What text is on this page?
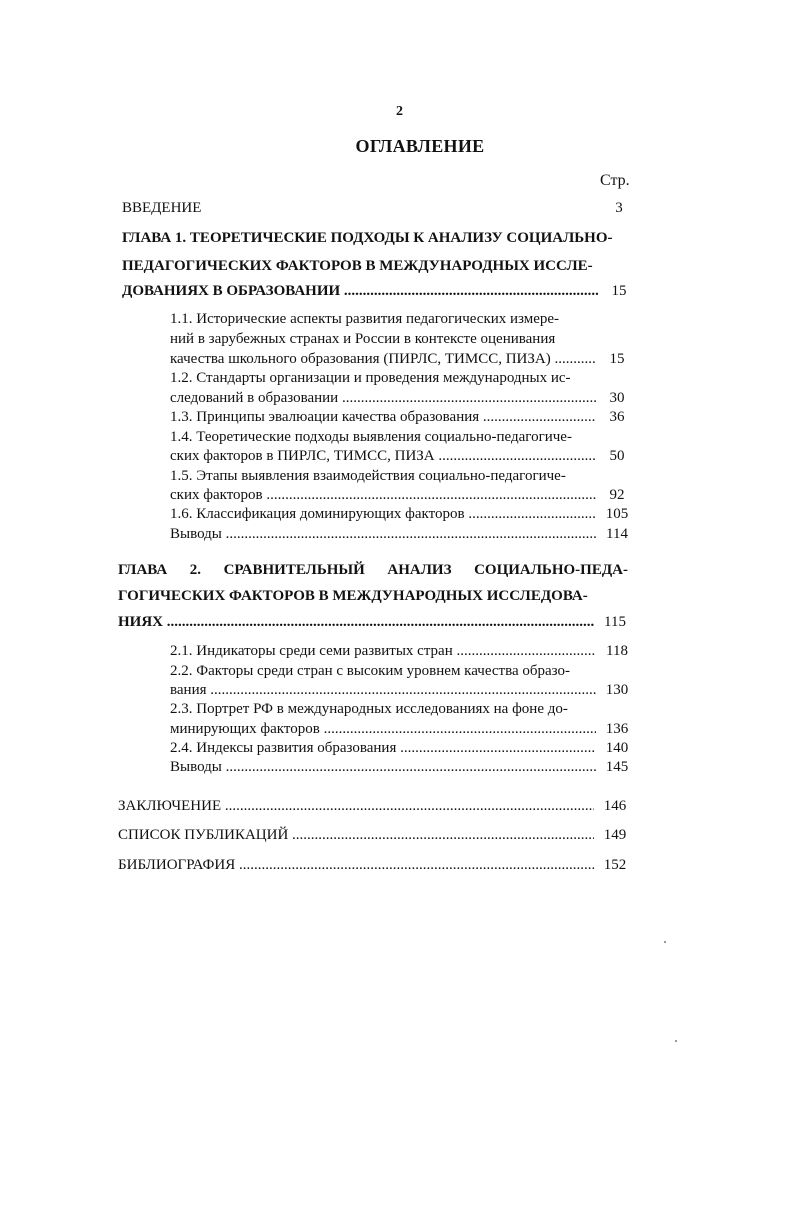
2
ОГЛАВЛЕНИЕ
Стр.
ВВЕДЕНИЕ	3
ГЛАВА 1. ТЕОРЕТИЧЕСКИЕ ПОДХОДЫ К АНАЛИЗУ СОЦИАЛЬНО-
ПЕДАГОГИЧЕСКИХ ФАКТОРОВ В МЕЖДУНАРОДНЫХ ИССЛЕ-
ДОВАНИЯХ В ОБРАЗОВАНИИ .....	15
1.1. Исторические аспекты развития педагогических измере-
ний в зарубежных странах и России в контексте оценивания
качества школьного образования (ПИРЛС, ТИМСС, ПИЗА) .....	15
1.2. Стандарты организации и проведения международных ис-
следований в образовании .....	30
1.3. Принципы эвалюации качества образования .....	36
1.4. Теоретические подходы выявления социально-педагогиче-
ских факторов в ПИРЛС, ТИМСС, ПИЗА .....	50
1.5. Этапы выявления взаимодействия социально-педагогиче-
ских факторов .....	92
1.6. Классификация доминирующих факторов .....	105
Выводы .....	114
ГЛАВА 2. СРАВНИТЕЛЬНЫЙ АНАЛИЗ СОЦИАЛЬНО-ПЕДА-
ГОГИЧЕСКИХ ФАКТОРОВ В МЕЖДУНАРОДНЫХ ИССЛЕДОВА-
НИЯХ .....	115
2.1. Индикаторы среди семи развитых стран .....	118
2.2. Факторы среди стран с высоким уровнем качества образо-
вания .....	130
2.3. Портрет РФ в международных исследованиях на фоне до-
минирующих факторов .....	136
2.4. Индексы развития образования .....	140
Выводы .....	145
ЗАКЛЮЧЕНИЕ .....	146
СПИСОК ПУБЛИКАЦИЙ .....	149
БИБЛИОГРАФИЯ .....	152
